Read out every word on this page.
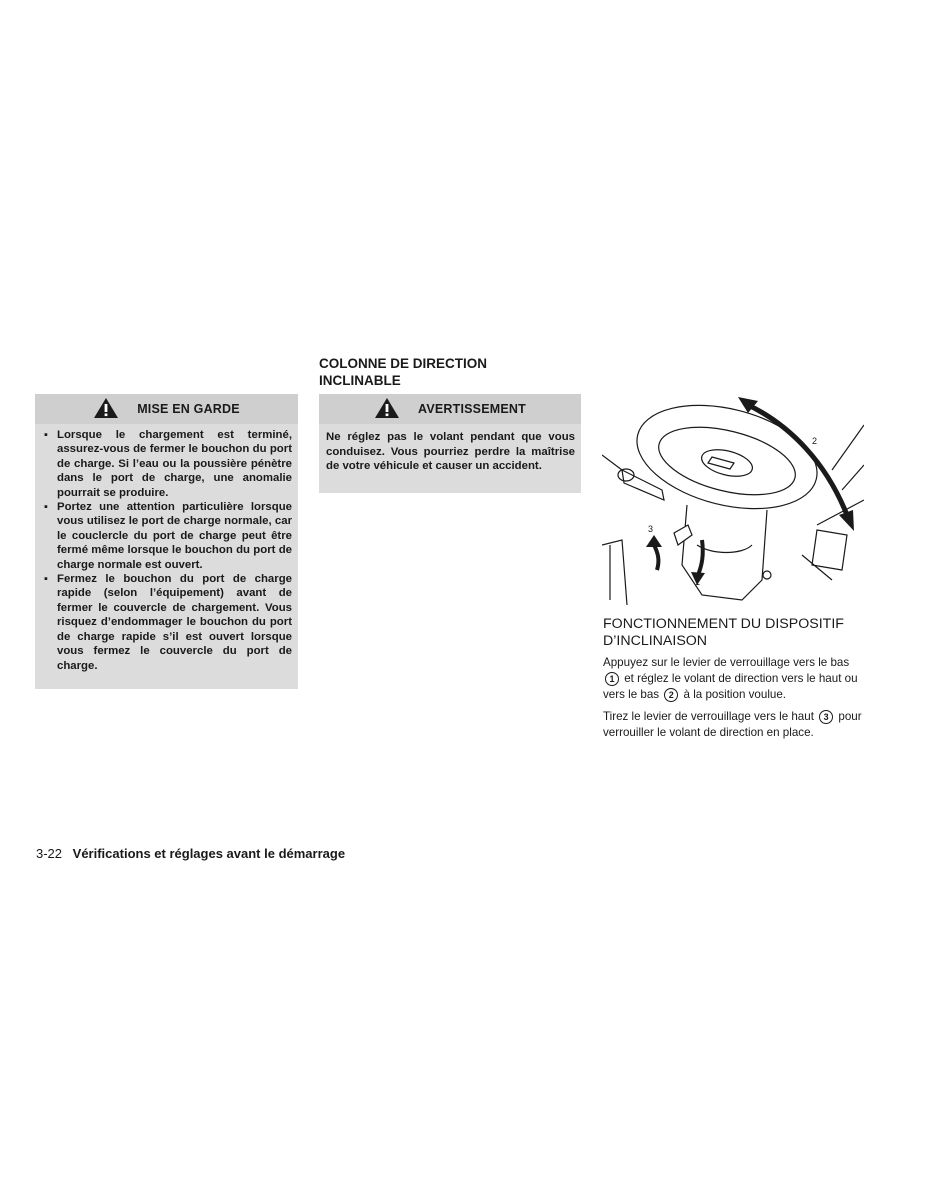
MISE EN GARDE
▪ Lorsque le chargement est terminé, assurez-vous de fermer le bouchon du port de charge. Si l’eau ou la poussière pénètre dans le port de charge, une anomalie pourrait se produire.
▪ Portez une attention particulière lorsque vous utilisez le port de charge normale, car le couclercle du port de charge peut être fermé même lorsque le bouchon du port de charge normale est ouvert.
▪ Fermez le bouchon du port de charge rapide (selon l’équipement) avant de fermer le couvercle de chargement. Vous risquez d’endommager le bouchon du port de charge rapide s’il est ouvert lorsque vous fermez le couvercle du port de charge.
COLONNE DE DIRECTION
INCLINABLE
AVERTISSEMENT
Ne réglez pas le volant pendant que vous conduisez. Vous pourriez perdre la maîtrise de votre véhicule et causer un accident.
2
3
1
FONCTIONNEMENT DU DISPOSITIF
D’INCLINAISON
Appuyez sur le levier de verrouillage vers le bas
1 et réglez le volant de direction vers le haut ou vers le bas 2 à la position voulue.
Tirez le levier de verrouillage vers le haut 3 pour verrouiller le volant de direction en place.
3-22 Vérifications et réglages avant le démarrage
